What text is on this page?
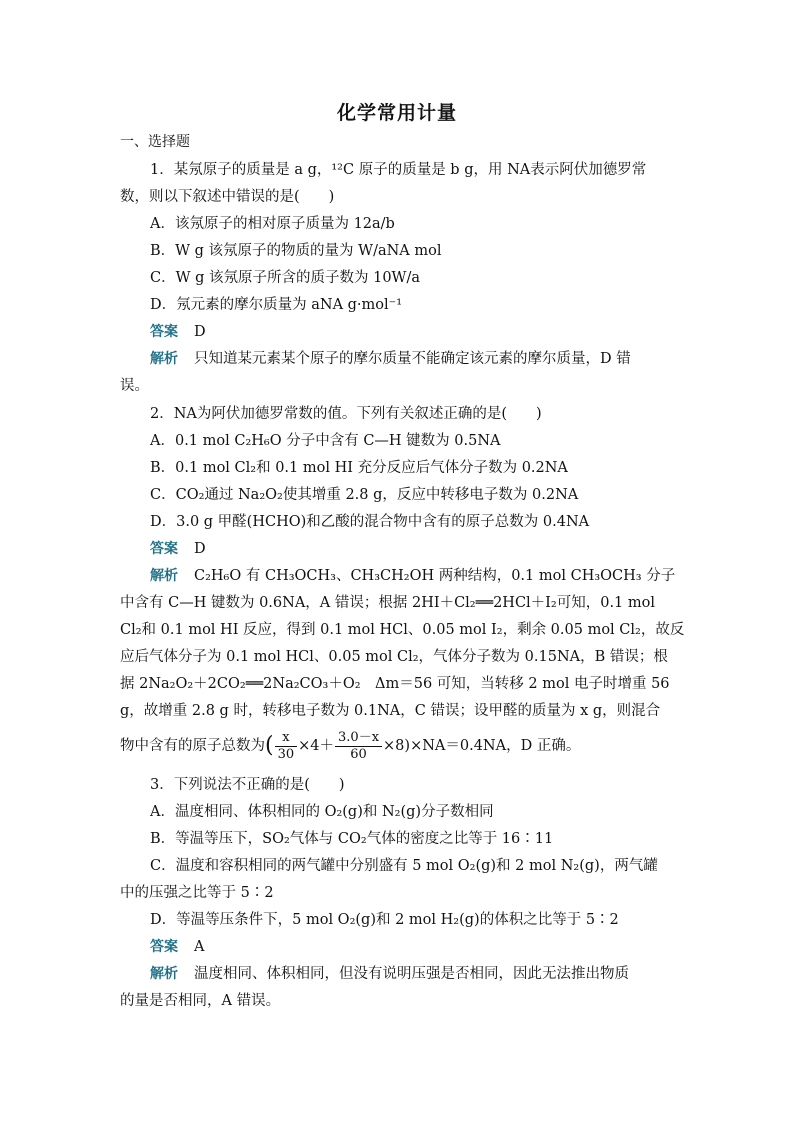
化学常用计量
一、选择题
1．某氖原子的质量是 a g，¹²C 原子的质量是 b g，用 NA表示阿伏加德罗常
数，则以下叙述中错误的是(　　)
A．该氖原子的相对原子质量为 12a/b
B．W g 该氖原子的物质的量为 W/aNA mol
C．W g 该氖原子所含的质子数为 10W/a
D．氖元素的摩尔质量为 aNA g·mol⁻¹
答案 D
解析 只知道某元素某个原子的摩尔质量不能确定该元素的摩尔质量，D 错
误。
2．NA为阿伏加德罗常数的值。下列有关叙述正确的是(　　)
A．0.1 mol C₂H₆O 分子中含有 C—H 键数为 0.5NA
B．0.1 mol Cl₂和 0.1 mol HI 充分反应后气体分子数为 0.2NA
C．CO₂通过 Na₂O₂使其增重 2.8 g，反应中转移电子数为 0.2NA
D．3.0 g 甲醛(HCHO)和乙酸的混合物中含有的原子总数为 0.4NA
答案 D
解析 C₂H₆O 有 CH₃OCH₃、CH₃CH₂OH 两种结构，0.1 mol CH₃OCH₃ 分子
中含有 C—H 键数为 0.6NA，A 错误；根据 2HI＋Cl₂══2HCl＋I₂可知，0.1 mol
Cl₂和 0.1 mol HI 反应，得到 0.1 mol HCl、0.05 mol I₂，剩余 0.05 mol Cl₂，故反
应后气体分子为 0.1 mol HCl、0.05 mol Cl₂，气体分子数为 0.15NA，B 错误；根
据 2Na₂O₂＋2CO₂══2Na₂CO₃＋O₂　Δm＝56 可知，当转移 2 mol 电子时增重 56
g，故增重 2.8 g 时，转移电子数为 0.1NA，C 错误；设甲醛的质量为 x g，则混合
物中含有的原子总数为( $\frac{x}{30} \times 4+ \frac{3.0-x}{60} \times 8)\times NA=0.4NA$，D 正确。
3．下列说法不正确的是(　　)
A．温度相同、体积相同的 O₂(g)和 N₂(g)分子数相同
B．等温等压下，SO₂气体与 CO₂气体的密度之比等于 16∶11
C．温度和容积相同的两气罐中分别盛有 5 mol O₂(g)和 2 mol N₂(g)，两气罐
中的压强之比等于 5∶2
D．等温等压条件下，5 mol O₂(g)和 2 mol H₂(g)的体积之比等于 5∶2
答案 A
解析 温度相同、体积相同，但没有说明压强是否相同，因此无法推出物质
的量是否相同，A 错误。
